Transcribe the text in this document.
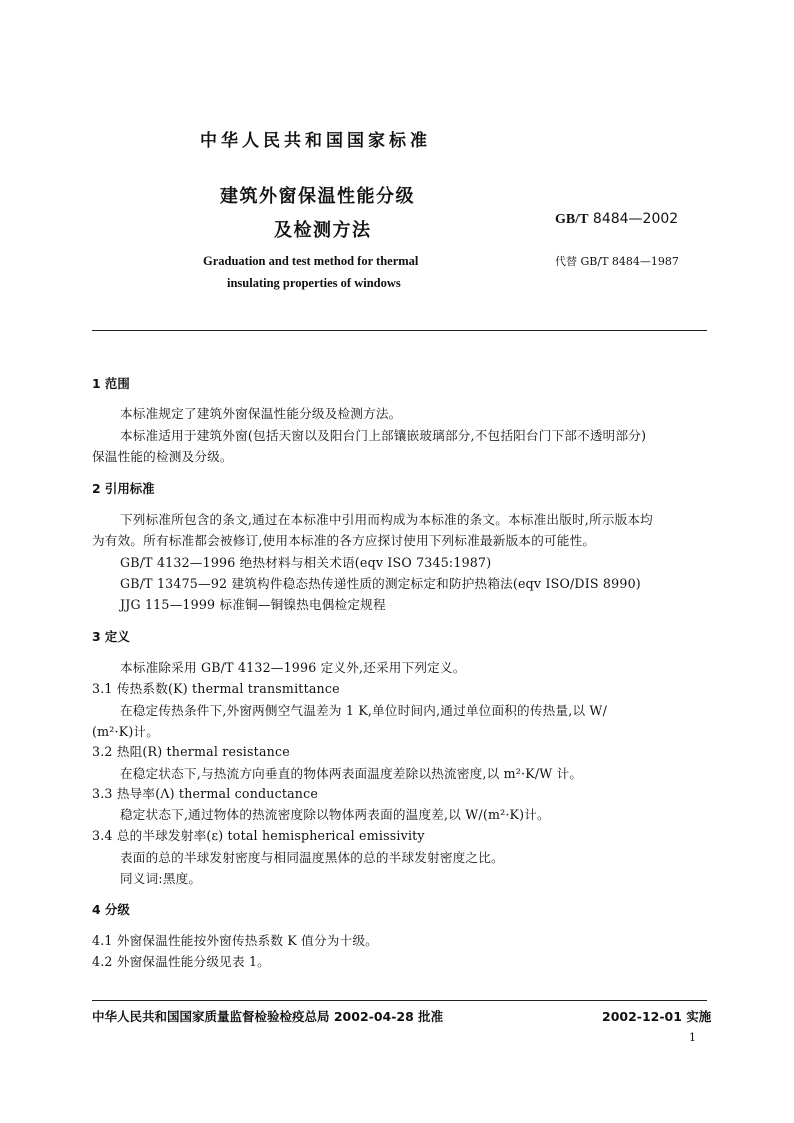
中华人民共和国国家标准
建筑外窗保温性能分级
及检测方法
GB/T 8484—2002
Graduation and test method for thermal
insulating properties of windows
代替 GB/T 8484—1987
1 范围
本标准规定了建筑外窗保温性能分级及检测方法。
本标准适用于建筑外窗(包括天窗以及阳台门上部镶嵌玻璃部分,不包括阳台门下部不透明部分)
保温性能的检测及分级。
2 引用标准
下列标准所包含的条文,通过在本标准中引用而构成为本标准的条文。本标准出版时,所示版本均
为有效。所有标准都会被修订,使用本标准的各方应探讨使用下列标准最新版本的可能性。
GB/T 4132—1996 绝热材料与相关术语(eqv ISO 7345:1987)
GB/T 13475—92 建筑构件稳态热传递性质的测定标定和防护热箱法(eqv ISO/DIS 8990)
JJG 115—1999 标准铜—铜镍热电偶检定规程
3 定义
本标准除采用 GB/T 4132—1996 定义外,还采用下列定义。
3.1 传热系数(K) thermal transmittance
在稳定传热条件下,外窗两侧空气温差为 1 K,单位时间内,通过单位面积的传热量,以 W/
(m²·K)计。
3.2 热阻(R) thermal resistance
在稳定状态下,与热流方向垂直的物体两表面温度差除以热流密度,以 m²·K/W 计。
3.3 热导率(Λ) thermal conductance
稳定状态下,通过物体的热流密度除以物体两表面的温度差,以 W/(m²·K)计。
3.4 总的半球发射率(ε) total hemispherical emissivity
表面的总的半球发射密度与相同温度黑体的总的半球发射密度之比。
同义词:黑度。
4 分级
4.1 外窗保温性能按外窗传热系数 K 值分为十级。
4.2 外窗保温性能分级见表 1。
中华人民共和国国家质量监督检验检疫总局 2002-04-28 批准	2002-12-01 实施
1
